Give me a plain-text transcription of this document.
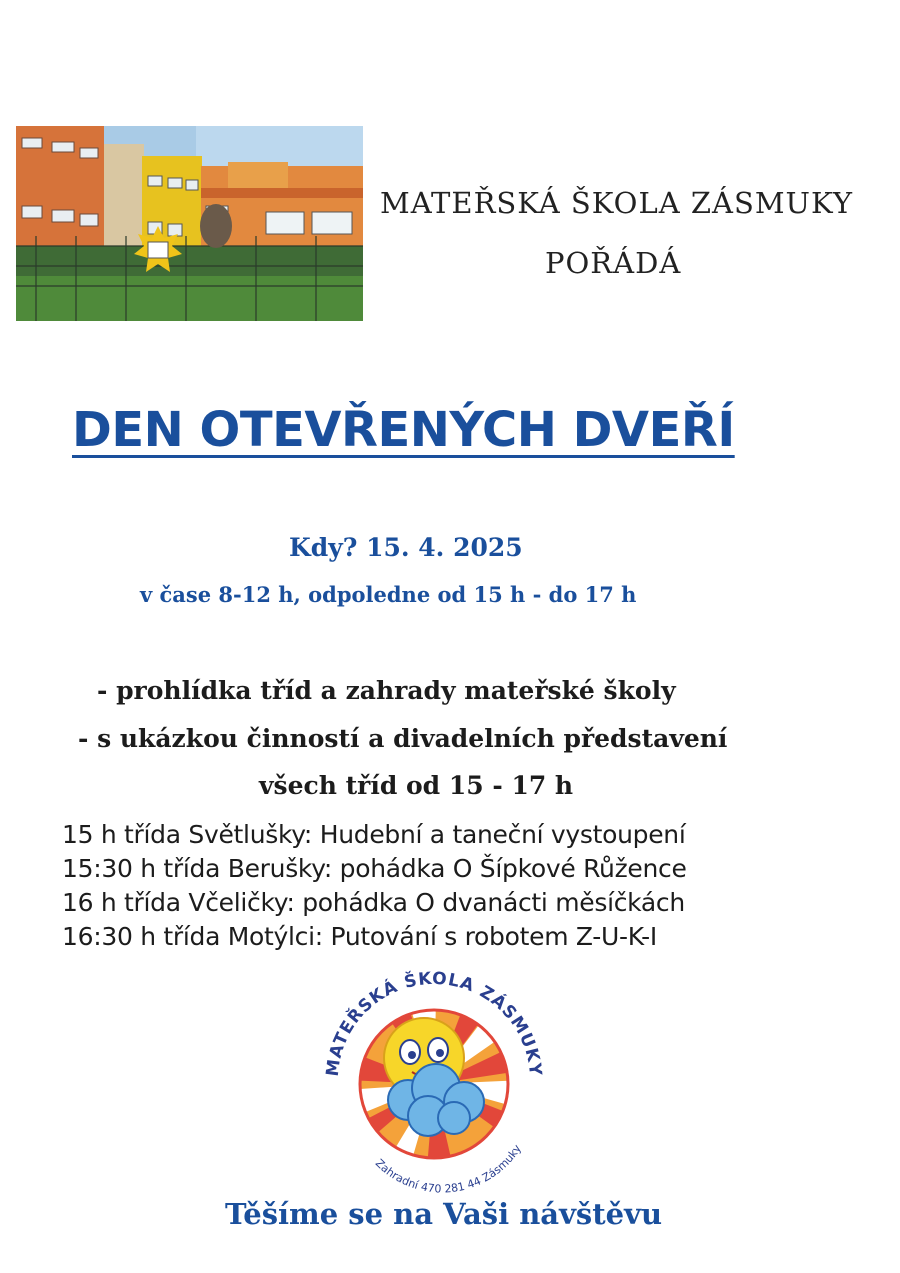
MATEŘSKÁ ŠKOLA ZÁSMUKY
POŘÁDÁ
DEN OTEVŘENÝCH DVEŘÍ
Kdy? 15. 4. 2025
v čase 8-12 h, odpoledne od 15 h - do 17 h
- prohlídka tříd a zahrady mateřské školy
- s ukázkou činností a divadelních představení
všech tříd od 15 - 17 h
15 h třída Světlušky: Hudební a taneční vystoupení
15:30 h třída Berušky: pohádka O Šípkové Růžence
16 h třída Včeličky: pohádka O dvanácti měsíčkách
16:30 h třída Motýlci: Putování s robotem Z-U-K-I
MATEŘSKÁ ŠKOLA ZÁSMUKY
Zahradní 470 281 44 Zásmuky
Těšíme se na Vaši návštěvu
